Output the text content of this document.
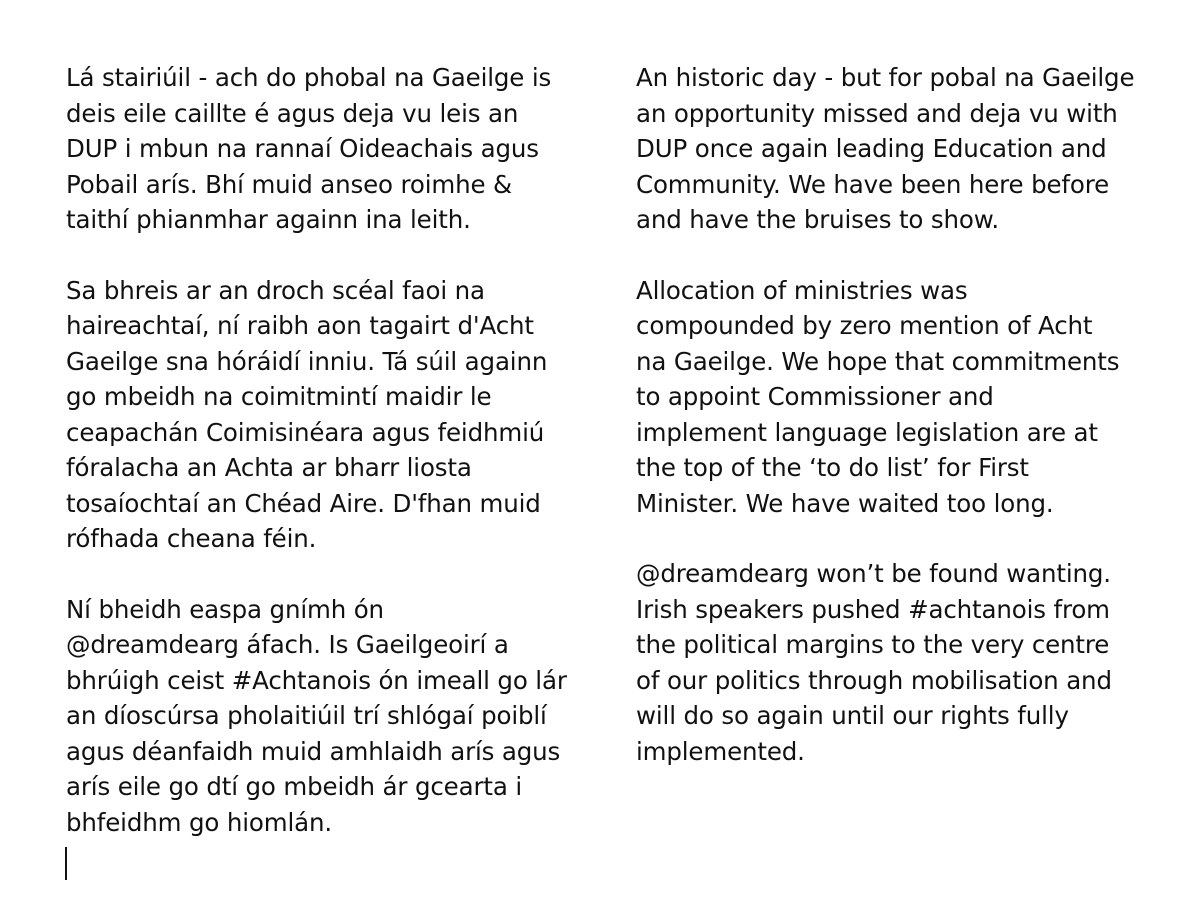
Lá stairiúil - ach do phobal na Gaeilge is
deis eile caillte é agus deja vu leis an
DUP i mbun na rannaí Oideachais agus
Pobail arís. Bhí muid anseo roimhe &
taithí phianmhar againn ina leith.
Sa bhreis ar an droch scéal faoi na
haireachtaí, ní raibh aon tagairt d'Acht
Gaeilge sna hóráidí inniu. Tá súil againn
go mbeidh na coimitmintí maidir le
ceapachán Coimisinéara agus feidhmiú
fóralacha an Achta ar bharr liosta
tosaíochtaí an Chéad Aire. D'fhan muid
rófhada cheana féin.
Ní bheidh easpa gnímh ón
@dreamdearg áfach. Is Gaeilgeoirí a
bhrúigh ceist #Achtanois ón imeall go lár
an díoscúrsa pholaitiúil trí shlógaí poiblí
agus déanfaidh muid amhlaidh arís agus
arís eile go dtí go mbeidh ár gcearta i
bhfeidhm go hiomlán.
An historic day - but for pobal na Gaeilge
an opportunity missed and deja vu with
DUP once again leading Education and
Community. We have been here before
and have the bruises to show.
Allocation of ministries was
compounded by zero mention of Acht
na Gaeilge. We hope that commitments
to appoint Commissioner and
implement language legislation are at
the top of the ‘to do list’ for First
Minister. We have waited too long.
@dreamdearg won’t be found wanting.
Irish speakers pushed #achtanois from
the political margins to the very centre
of our politics through mobilisation and
will do so again until our rights fully
implemented.
